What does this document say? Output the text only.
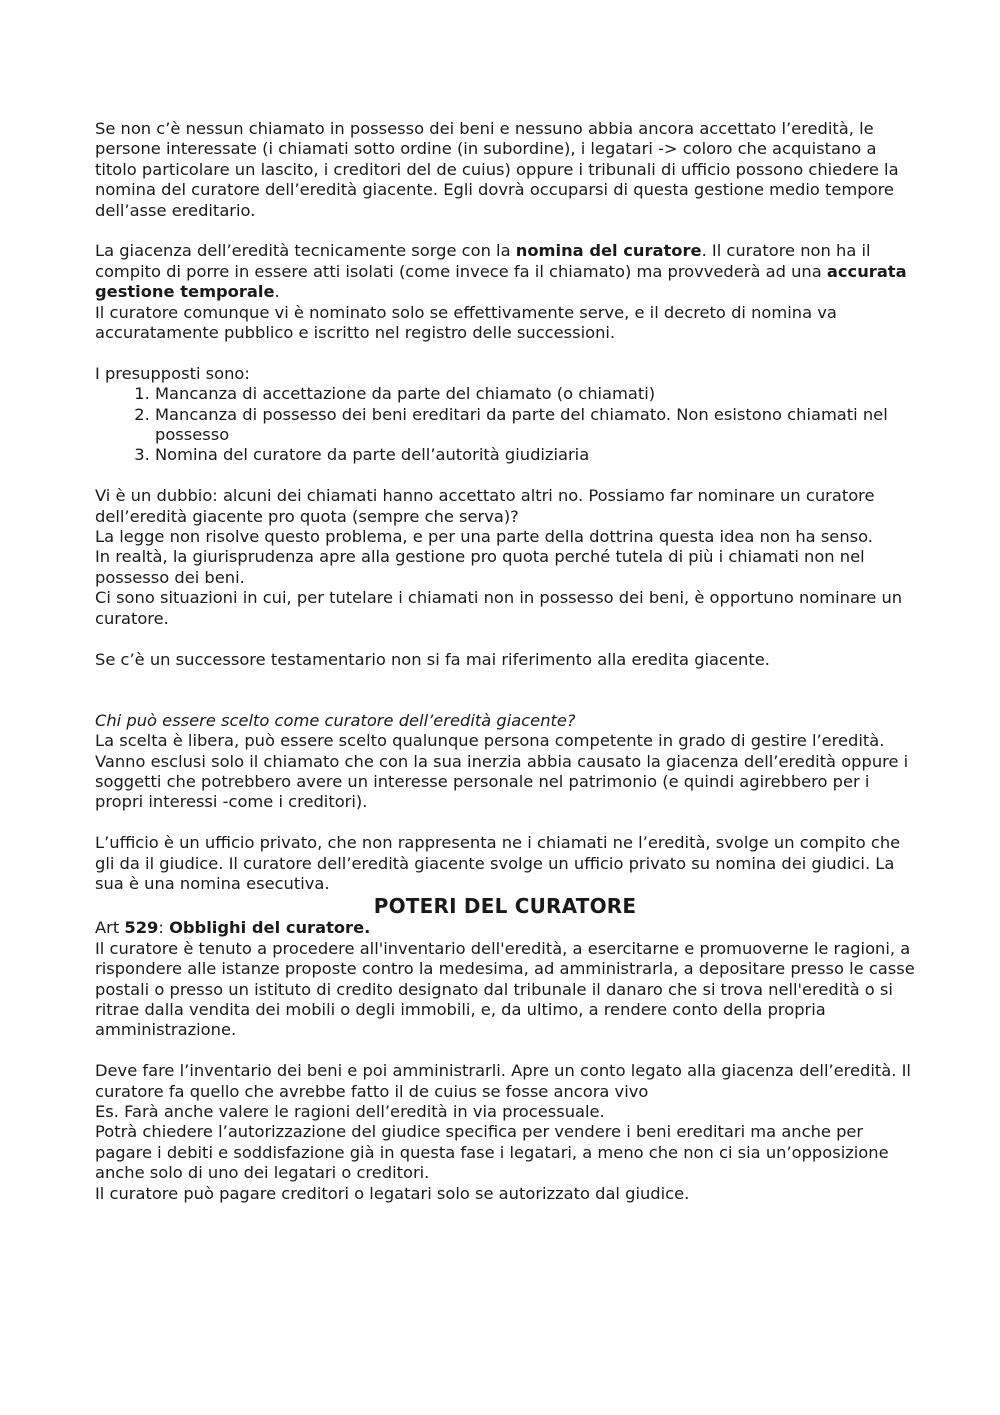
Se non c’è nessun chiamato in possesso dei beni e nessuno abbia ancora accettato l’eredità, le persone interessate (i chiamati sotto ordine (in subordine), i legatari -> coloro che acquistano a titolo particolare un lascito, i creditori del de cuius) oppure i tribunali di ufficio possono chiedere la nomina del curatore dell’eredità giacente. Egli dovrà occuparsi di questa gestione medio tempore dell’asse ereditario.

La giacenza dell’eredità tecnicamente sorge con la nomina del curatore. Il curatore non ha il compito di porre in essere atti isolati (come invece fa il chiamato) ma provvederà ad una accurata gestione temporale.

Il curatore comunque vi è nominato solo se effettivamente serve, e il decreto di nomina va accuratamente pubblico e iscritto nel registro delle successioni.

I presupposti sono:

1. Mancanza di accettazione da parte del chiamato (o chiamati)
2. Mancanza di possesso dei beni ereditari da parte del chiamato. Non esistono chiamati nel possesso
3. Nomina del curatore da parte dell’autorità giudiziaria

Vi è un dubbio: alcuni dei chiamati hanno accettato altri no. Possiamo far nominare un curatore dell’eredità giacente pro quota (sempre che serva)?

La legge non risolve questo problema, e per una parte della dottrina questa idea non ha senso.

In realtà, la giurisprudenza apre alla gestione pro quota perché tutela di più i chiamati non nel possesso dei beni.

Ci sono situazioni in cui, per tutelare i chiamati non in possesso dei beni, è opportuno nominare un curatore.

Se c’è un successore testamentario non si fa mai riferimento alla eredita giacente.

Chi può essere scelto come curatore dell’eredità giacente?

La scelta è libera, può essere scelto qualunque persona competente in grado di gestire l’eredità. Vanno esclusi solo il chiamato che con la sua inerzia abbia causato la giacenza dell’eredità oppure i soggetti che potrebbero avere un interesse personale nel patrimonio (e quindi agirebbero per i propri interessi -come i creditori).

L’ufficio è un ufficio privato, che non rappresenta ne i chiamati ne l’eredità, svolge un compito che gli da il giudice. Il curatore dell’eredità giacente svolge un ufficio privato su nomina dei giudici. La sua è una nomina esecutiva.

POTERI DEL CURATORE

Art 529: Obblighi del curatore.

Il curatore è tenuto a procedere all'inventario dell'eredità, a esercitarne e promuoverne le ragioni, a rispondere alle istanze proposte contro la medesima, ad amministrarla, a depositare presso le casse postali o presso un istituto di credito designato dal tribunale il danaro che si trova nell'eredità o si ritrae dalla vendita dei mobili o degli immobili, e, da ultimo, a rendere conto della propria amministrazione.

Deve fare l’inventario dei beni e poi amministrarli. Apre un conto legato alla giacenza dell’eredità. Il curatore fa quello che avrebbe fatto il de cuius se fosse ancora vivo

Es. Farà anche valere le ragioni dell’eredità in via processuale.

Potrà chiedere l’autorizzazione del giudice specifica per vendere i beni ereditari ma anche per pagare i debiti e soddisfazione già in questa fase i legatari, a meno che non ci sia un’opposizione anche solo di uno dei legatari o creditori.

Il curatore può pagare creditori o legatari solo se autorizzato dal giudice.
